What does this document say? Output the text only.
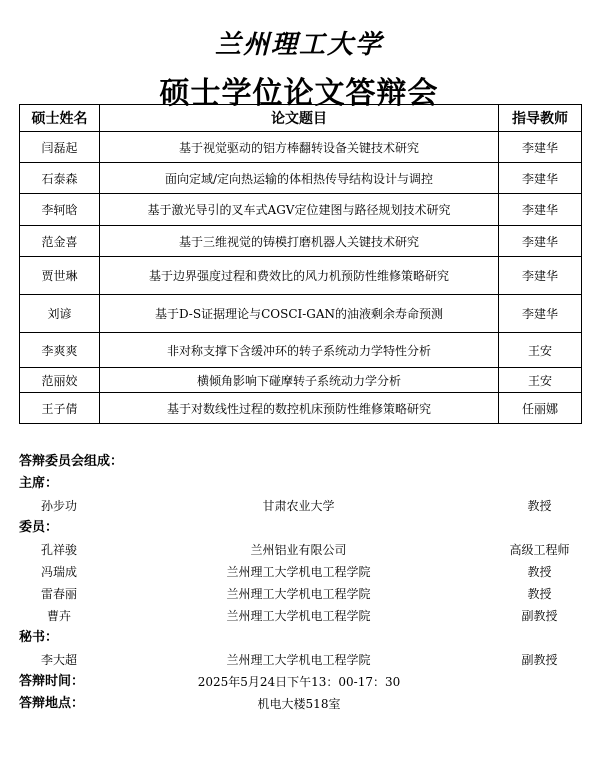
兰州理工大学
硕士学位论文答辩会
硕士姓名	论文题目	指导教师
闫磊起	基于视觉驱动的铝方棒翻转设备关键技术研究	李建华
石泰森	面向定域/定向热运输的体相热传导结构设计与调控	李建华
李轲晗	基于激光导引的叉车式AGV定位建图与路径规划技术研究	李建华
范金喜	基于三维视觉的铸模打磨机器人关键技术研究	李建华
贾世琳	基于边界强度过程和费效比的风力机预防性维修策略研究	李建华
刘谚	基于D-S证据理论与COSCI-GAN的油液剩余寿命预测	李建华
李爽爽	非对称支撑下含缓冲环的转子系统动力学特性分析	王安
范丽姣	横倾角影响下碰摩转子系统动力学分析	王安
王子倩	基于对数线性过程的数控机床预防性维修策略研究	任丽娜
答辩委员会组成：
主席：
孙步功	甘肃农业大学	教授
委员：
孔祥骏	兰州铝业有限公司	高级工程师
冯瑞成	兰州理工大学机电工程学院	教授
雷春丽	兰州理工大学机电工程学院	教授
曹卉	兰州理工大学机电工程学院	副教授
秘书：
李大超	兰州理工大学机电工程学院	副教授
答辩时间：	2025年5月24日下午13：00-17：30
答辩地点：	机电大楼518室
